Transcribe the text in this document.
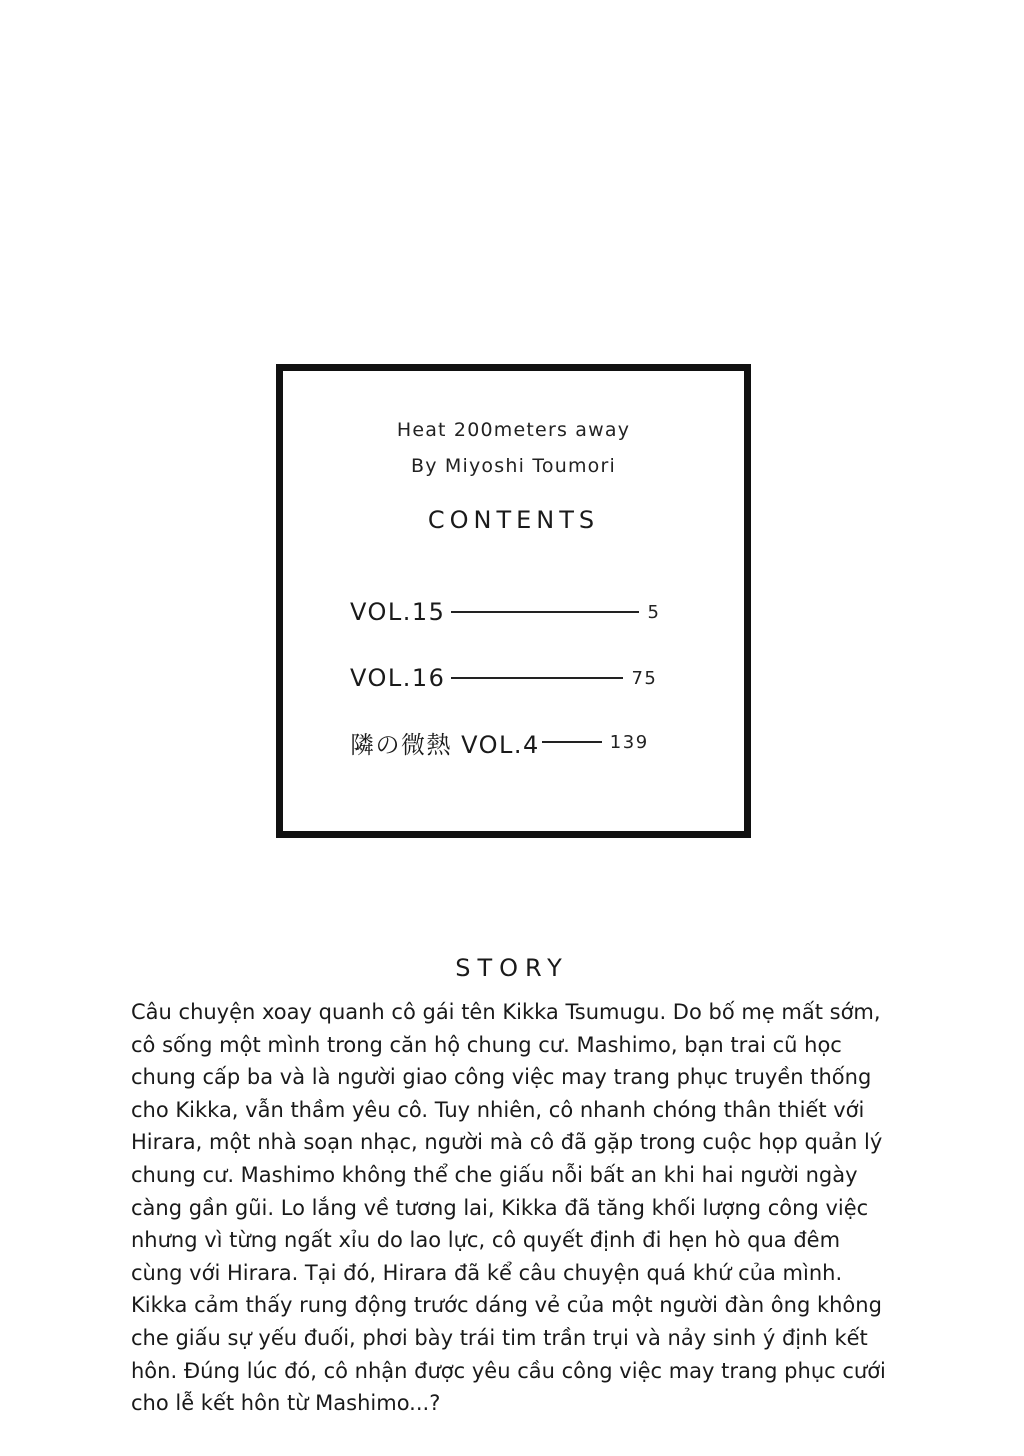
Heat 200meters away
By Miyoshi Toumori
CONTENTS
VOL.15	5
VOL.16	75
隣の微熱 VOL.4	139
STORY

Câu chuyện xoay quanh cô gái tên Kikka Tsumugu. Do bố mẹ mất sớm, cô sống một mình trong căn hộ chung cư. Mashimo, bạn trai cũ học chung cấp ba và là người giao công việc may trang phục truyền thống cho Kikka, vẫn thầm yêu cô. Tuy nhiên, cô nhanh chóng thân thiết với Hirara, một nhà soạn nhạc, người mà cô đã gặp trong cuộc họp quản lý chung cư. Mashimo không thể che giấu nỗi bất an khi hai người ngày càng gần gũi. Lo lắng về tương lai, Kikka đã tăng khối lượng công việc nhưng vì từng ngất xỉu do lao lực, cô quyết định đi hẹn hò qua đêm cùng với Hirara. Tại đó, Hirara đã kể câu chuyện quá khứ của mình. Kikka cảm thấy rung động trước dáng vẻ của một người đàn ông không che giấu sự yếu đuối, phơi bày trái tim trần trụi và nảy sinh ý định kết hôn. Đúng lúc đó, cô nhận được yêu cầu công việc may trang phục cưới cho lễ kết hôn từ Mashimo...?
